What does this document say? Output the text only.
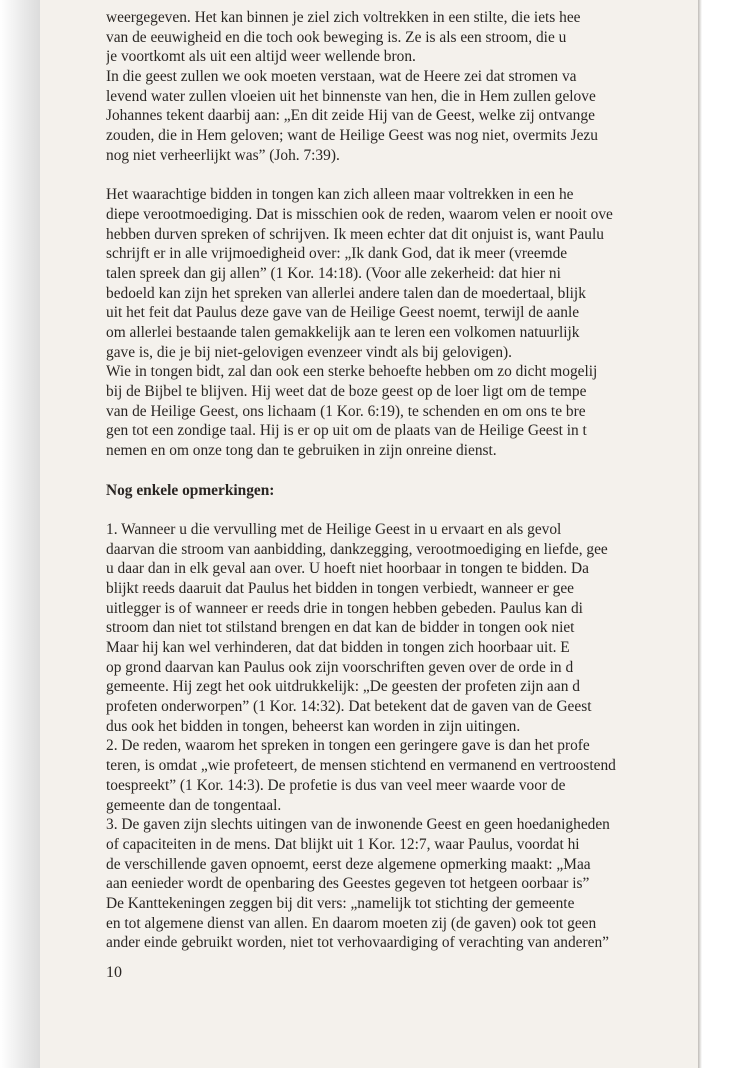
weergegeven. Het kan binnen je ziel zich voltrekken in een stilte, die iets hee
van de eeuwigheid en die toch ook beweging is. Ze is als een stroom, die u
je voortkomt als uit een altijd weer wellende bron.
In die geest zullen we ook moeten verstaan, wat de Heere zei dat stromen va
levend water zullen vloeien uit het binnenste van hen, die in Hem zullen gelove
Johannes tekent daarbij aan: „En dit zeide Hij van de Geest, welke zij ontvange
zouden, die in Hem geloven; want de Heilige Geest was nog niet, overmits Jezu
nog niet verheerlijkt was” (Joh. 7:39).
Het waarachtige bidden in tongen kan zich alleen maar voltrekken in een he
diepe verootmoediging. Dat is misschien ook de reden, waarom velen er nooit ove
hebben durven spreken of schrijven. Ik meen echter dat dit onjuist is, want Paulu
schrijft er in alle vrijmoedigheid over: „Ik dank God, dat ik meer (vreemde
talen spreek dan gij allen” (1 Kor. 14:18). (Voor alle zekerheid: dat hier ni
bedoeld kan zijn het spreken van allerlei andere talen dan de moedertaal, blijk
uit het feit dat Paulus deze gave van de Heilige Geest noemt, terwijl de aanle
om allerlei bestaande talen gemakkelijk aan te leren een volkomen natuurlijk
gave is, die je bij niet-gelovigen evenzeer vindt als bij gelovigen).
Wie in tongen bidt, zal dan ook een sterke behoefte hebben om zo dicht mogelij
bij de Bijbel te blijven. Hij weet dat de boze geest op de loer ligt om de tempe
van de Heilige Geest, ons lichaam (1 Kor. 6:19), te schenden en om ons te bre
gen tot een zondige taal. Hij is er op uit om de plaats van de Heilige Geest in t
nemen en om onze tong dan te gebruiken in zijn onreine dienst.
Nog enkele opmerkingen:
1. Wanneer u die vervulling met de Heilige Geest in u ervaart en als gevol
daarvan die stroom van aanbidding, dankzegging, verootmoediging en liefde, gee
u daar dan in elk geval aan over. U hoeft niet hoorbaar in tongen te bidden. Da
blijkt reeds daaruit dat Paulus het bidden in tongen verbiedt, wanneer er gee
uitlegger is of wanneer er reeds drie in tongen hebben gebeden. Paulus kan di
stroom dan niet tot stilstand brengen en dat kan de bidder in tongen ook niet
Maar hij kan wel verhinderen, dat dat bidden in tongen zich hoorbaar uit. E
op grond daarvan kan Paulus ook zijn voorschriften geven over de orde in d
gemeente. Hij zegt het ook uitdrukkelijk: „De geesten der profeten zijn aan d
profeten onderworpen” (1 Kor. 14:32). Dat betekent dat de gaven van de Geest
dus ook het bidden in tongen, beheerst kan worden in zijn uitingen.
2. De reden, waarom het spreken in tongen een geringere gave is dan het profe
teren, is omdat „wie profeteert, de mensen stichtend en vermanend en vertroostend
toespreekt” (1 Kor. 14:3). De profetie is dus van veel meer waarde voor de
gemeente dan de tongentaal.
3. De gaven zijn slechts uitingen van de inwonende Geest en geen hoedanigheden
of capaciteiten in de mens. Dat blijkt uit 1 Kor. 12:7, waar Paulus, voordat hi
de verschillende gaven opnoemt, eerst deze algemene opmerking maakt: „Maa
aan eenieder wordt de openbaring des Geestes gegeven tot hetgeen oorbaar is”
De Kanttekeningen zeggen bij dit vers: „namelijk tot stichting der gemeente
en tot algemene dienst van allen. En daarom moeten zij (de gaven) ook tot geen
ander einde gebruikt worden, niet tot verhovaardiging of verachting van anderen”
10
